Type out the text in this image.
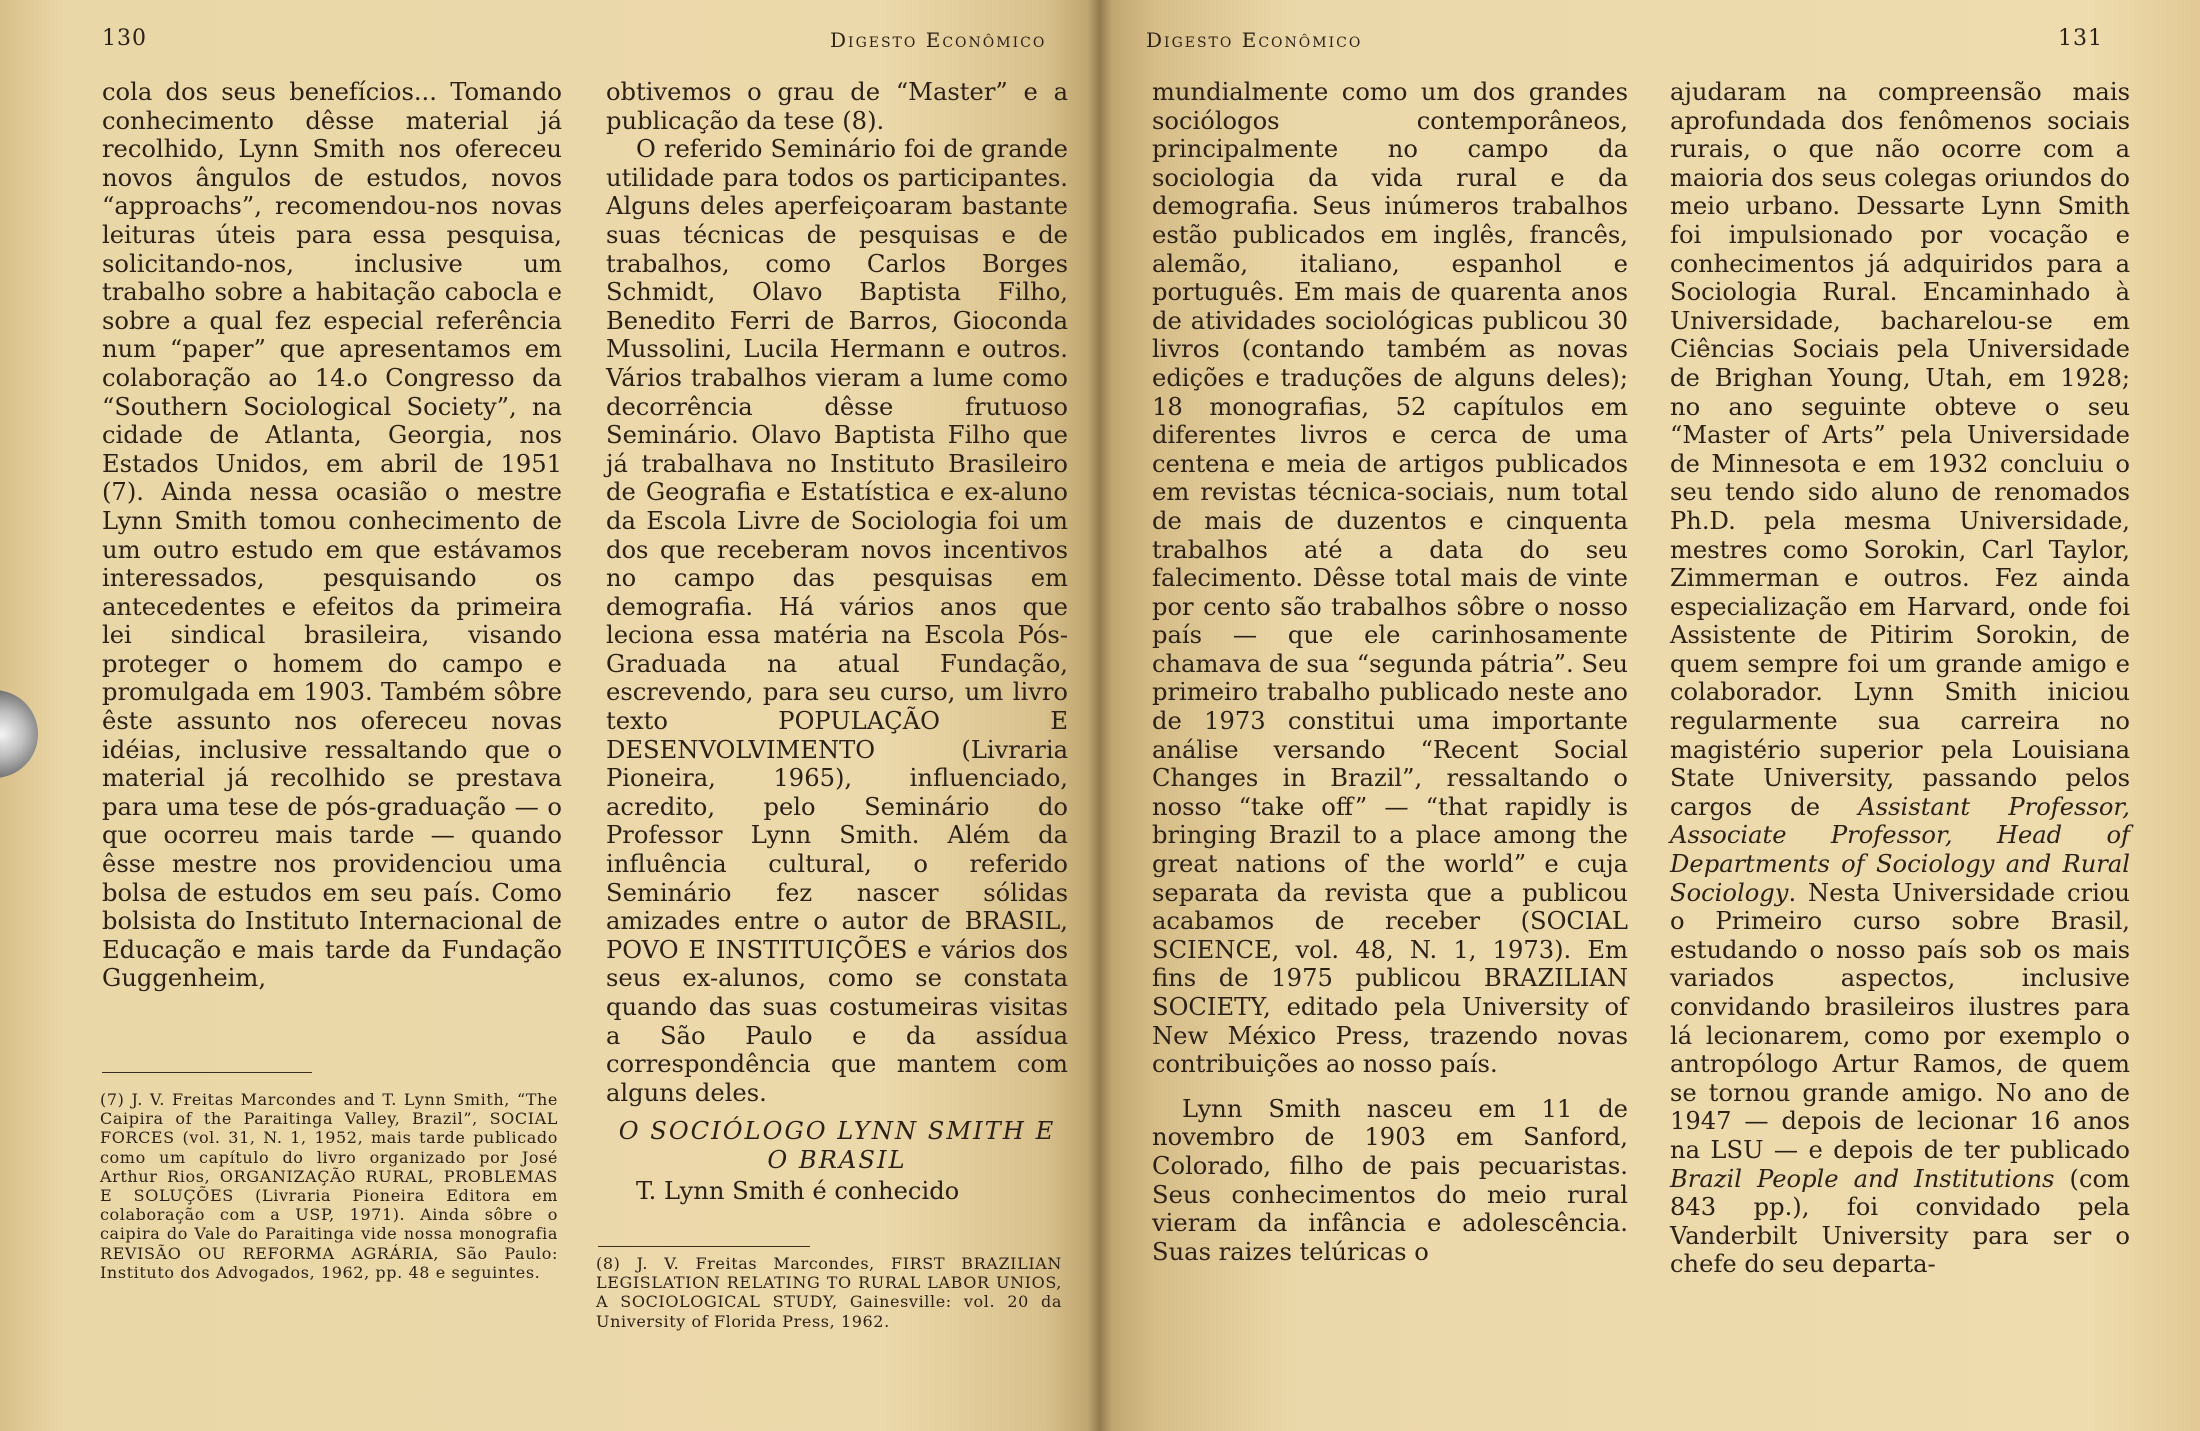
130	Digesto Econômico

cola dos seus benefícios... Tomando conhecimento dêsse material já recolhido, Lynn Smith nos ofereceu novos ângulos de estudos, novos “approachs”, recomendou-nos novas leituras úteis para essa pesquisa, solicitando-nos, inclusive um trabalho sobre a habitação cabocla e sobre a qual fez especial referência num “paper” que apresentamos em colaboração ao 14.o Congresso da “Southern Sociological Society”, na cidade de Atlanta, Georgia, nos Estados Unidos, em abril de 1951 (7). Ainda nessa ocasião o mestre Lynn Smith tomou conhecimento de um outro estudo em que estávamos interessados, pesquisando os antecedentes e efeitos da primeira lei sindical brasileira, visando proteger o homem do campo e promulgada em 1903. Também sôbre êste assunto nos ofereceu novas idéias, inclusive ressaltando que o material já recolhido se prestava para uma tese de pós-graduação — o que ocorreu mais tarde — quando êsse mestre nos providenciou uma bolsa de estudos em seu país. Como bolsista do Instituto Internacional de Educação e mais tarde da Fundação Guggenheim,

obtivemos o grau de “Master” e a publicação da tese (8).

O referido Seminário foi de grande utilidade para todos os participantes. Alguns deles aperfeiçoaram bastante suas técnicas de pesquisas e de trabalhos, como Carlos Borges Schmidt, Olavo Baptista Filho, Benedito Ferri de Barros, Gioconda Mussolini, Lucila Hermann e outros. Vários trabalhos vieram a lume como decorrência dêsse frutuoso Seminário. Olavo Baptista Filho que já trabalhava no Instituto Brasileiro de Geografia e Estatística e ex-aluno da Escola Livre de Sociologia foi um dos que receberam novos incentivos no campo das pesquisas em demografia. Há vários anos que leciona essa matéria na Escola Pós-Graduada na atual Fundação, escrevendo, para seu curso, um livro texto POPULAÇÃO E DESENVOLVIMENTO (Livraria Pioneira, 1965), influenciado, acredito, pelo Seminário do Professor Lynn Smith. Além da influência cultural, o referido Seminário fez nascer sólidas amizades entre o autor de BRASIL, POVO E INSTITUIÇÕES e vários dos seus ex-alunos, como se constata quando das suas costumeiras visitas a São Paulo e da assídua correspondência que mantem com alguns deles.

O SOCIÓLOGO LYNN SMITH E O BRASIL

T. Lynn Smith é conhecido

(7) J. V. Freitas Marcondes and T. Lynn Smith, “The Caipira of the Paraitinga Valley, Brazil”, SOCIAL FORCES (vol. 31, N. 1, 1952, mais tarde publicado como um capítulo do livro organizado por José Arthur Rios, ORGANIZAÇÃO RURAL, PROBLEMAS E SOLUÇÕES (Livraria Pioneira Editora em colaboração com a USP, 1971). Ainda sôbre o caipira do Vale do Paraitinga vide nossa monografia REVISÃO OU REFORMA AGRÁRIA, São Paulo: Instituto dos Advogados, 1962, pp. 48 e seguintes.	(8) J. V. Freitas Marcondes, FIRST BRAZILIAN LEGISLATION RELATING TO RURAL LABOR UNIOS, A SOCIOLOGICAL STUDY, Gainesville: vol. 20 da University of Florida Press, 1962.
Digesto Econômico	131

mundialmente como um dos grandes sociólogos contemporâneos, principalmente no campo da sociologia da vida rural e da demografia. Seus inúmeros trabalhos estão publicados em inglês, francês, alemão, italiano, espanhol e português. Em mais de quarenta anos de atividades sociológicas publicou 30 livros (contando também as novas edições e traduções de alguns deles); 18 monografias, 52 capítulos em diferentes livros e cerca de uma centena e meia de artigos publicados em revistas técnica-sociais, num total de mais de duzentos e cinquenta trabalhos até a data do seu falecimento. Dêsse total mais de vinte por cento são trabalhos sôbre o nosso país — que ele carinhosamente chamava de sua “segunda pátria”. Seu primeiro trabalho publicado neste ano de 1973 constitui uma importante análise versando “Recent Social Changes in Brazil”, ressaltando o nosso “take off” — “that rapidly is bringing Brazil to a place among the great nations of the world” e cuja separata da revista que a publicou acabamos de receber (SOCIAL SCIENCE, vol. 48, N. 1, 1973). Em fins de 1975 publicou BRAZILIAN SOCIETY, editado pela University of New México Press, trazendo novas contribuições ao nosso país.

Lynn Smith nasceu em 11 de novembro de 1903 em Sanford, Colorado, filho de pais pecuaristas. Seus conhecimentos do meio rural vieram da infância e adolescência. Suas raizes telúricas o

ajudaram na compreensão mais aprofundada dos fenômenos sociais rurais, o que não ocorre com a maioria dos seus colegas oriundos do meio urbano. Dessarte Lynn Smith foi impulsionado por vocação e conhecimentos já adquiridos para a Sociologia Rural. Encaminhado à Universidade, bacharelou-se em Ciências Sociais pela Universidade de Brighan Young, Utah, em 1928; no ano seguinte obteve o seu “Master of Arts” pela Universidade de Minnesota e em 1932 concluiu o seu tendo sido aluno de renomados Ph.D. pela mesma Universidade, mestres como Sorokin, Carl Taylor, Zimmerman e outros. Fez ainda especialização em Harvard, onde foi Assistente de Pitirim Sorokin, de quem sempre foi um grande amigo e colaborador. Lynn Smith iniciou regularmente sua carreira no magistério superior pela Louisiana State University, passando pelos cargos de Assistant Professor, Associate Professor, Head of Departments of Sociology and Rural Sociology. Nesta Universidade criou o Primeiro curso sobre Brasil, estudando o nosso país sob os mais variados aspectos, inclusive convidando brasileiros ilustres para lá lecionarem, como por exemplo o antropólogo Artur Ramos, de quem se tornou grande amigo. No ano de 1947 — depois de lecionar 16 anos na LSU — e depois de ter publicado Brazil People and Institutions (com 843 pp.), foi convidado pela Vanderbilt University para ser o chefe do seu departa-
